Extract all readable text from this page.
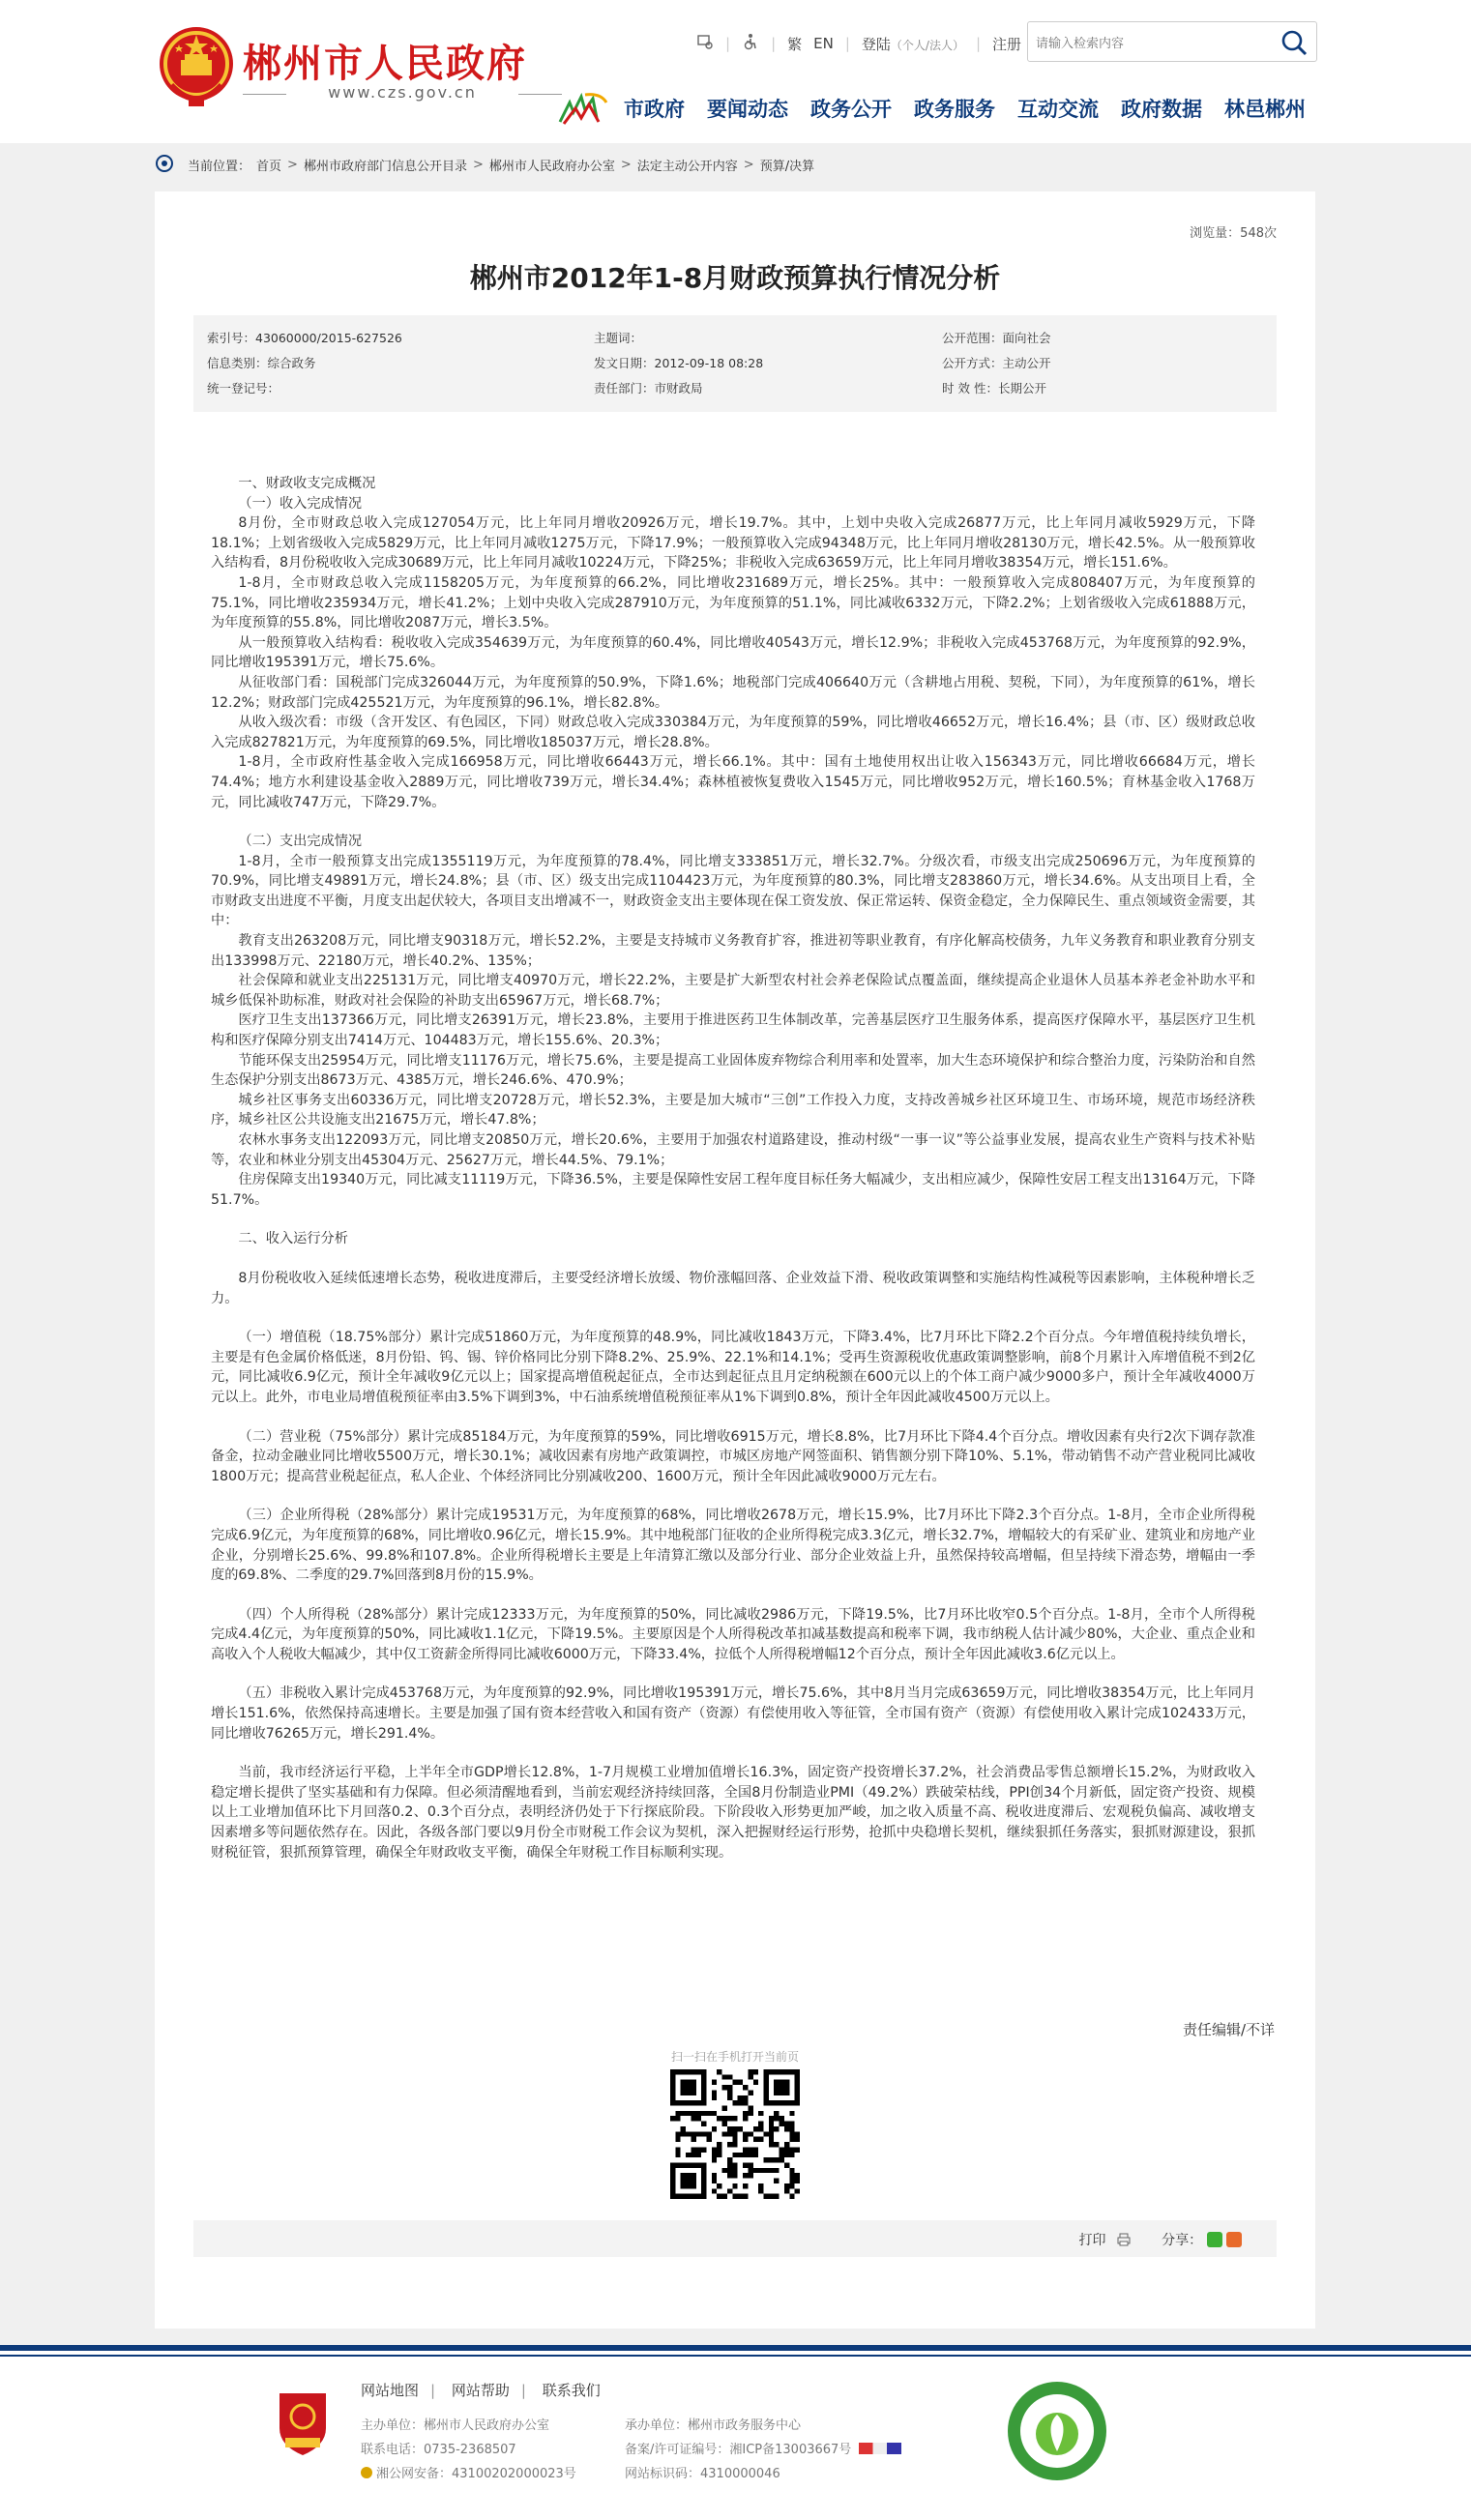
郴州市人民政府
www.czs.gov.cn
|	| 繁 EN | 登陆（个人/法人） | 注册
请输入检索内容
市政府 要闻动态 政务公开 政务服务 互动交流 政府数据 林邑郴州
当前位置： 首页 > 郴州市政府部门信息公开目录 > 郴州市人民政府办公室 > 法定主动公开内容 > 预算/决算
浏览量：548次
郴州市2012年1-8月财政预算执行情况分析
索引号：43060000/2015-627526	主题词：	公开范围：面向社会
信息类别：综合政务	发文日期：2012-09-18 08:28	公开方式：主动公开
统一登记号：	责任部门：市财政局	时 效 性：长期公开

一、财政收支完成概况

（一）收入完成情况

8月份，全市财政总收入完成127054万元，比上年同月增收20926万元，增长19.7%。其中，上划中央收入完成26877万元，比上年同月减收5929万元，下降18.1%；上划省级收入完成5829万元，比上年同月减收1275万元，下降17.9%；一般预算收入完成94348万元，比上年同月增收28130万元，增长42.5%。从一般预算收入结构看，8月份税收收入完成30689万元，比上年同月减收10224万元，下降25%；非税收入完成63659万元，比上年同月增收38354万元，增长151.6%。

1-8月，全市财政总收入完成1158205万元，为年度预算的66.2%，同比增收231689万元，增长25%。其中：一般预算收入完成808407万元，为年度预算的75.1%，同比增收235934万元，增长41.2%；上划中央收入完成287910万元，为年度预算的51.1%，同比减收6332万元，下降2.2%；上划省级收入完成61888万元，为年度预算的55.8%，同比增收2087万元，增长3.5%。

从一般预算收入结构看：税收收入完成354639万元，为年度预算的60.4%，同比增收40543万元，增长12.9%；非税收入完成453768万元，为年度预算的92.9%，同比增收195391万元，增长75.6%。

从征收部门看：国税部门完成326044万元，为年度预算的50.9%，下降1.6%；地税部门完成406640万元（含耕地占用税、契税，下同），为年度预算的61%，增长12.2%；财政部门完成425521万元，为年度预算的96.1%，增长82.8%。

从收入级次看：市级（含开发区、有色园区，下同）财政总收入完成330384万元，为年度预算的59%，同比增收46652万元，增长16.4%；县（市、区）级财政总收入完成827821万元，为年度预算的69.5%，同比增收185037万元，增长28.8%。

1-8月，全市政府性基金收入完成166958万元，同比增收66443万元，增长66.1%。其中：国有土地使用权出让收入156343万元，同比增收66684万元，增长74.4%；地方水利建设基金收入2889万元，同比增收739万元，增长34.4%；森林植被恢复费收入1545万元，同比增收952万元，增长160.5%；育林基金收入1768万元，同比减收747万元，下降29.7%。

（二）支出完成情况

1-8月，全市一般预算支出完成1355119万元，为年度预算的78.4%，同比增支333851万元，增长32.7%。分级次看，市级支出完成250696万元，为年度预算的70.9%，同比增支49891万元，增长24.8%；县（市、区）级支出完成1104423万元，为年度预算的80.3%，同比增支283860万元，增长34.6%。从支出项目上看，全市财政支出进度不平衡，月度支出起伏较大，各项目支出增减不一，财政资金支出主要体现在保工资发放、保正常运转、保资金稳定，全力保障民生、重点领域资金需要，其中：

教育支出263208万元，同比增支90318万元，增长52.2%，主要是支持城市义务教育扩容，推进初等职业教育，有序化解高校债务，九年义务教育和职业教育分别支出133998万元、22180万元，增长40.2%、135%；

社会保障和就业支出225131万元，同比增支40970万元，增长22.2%，主要是扩大新型农村社会养老保险试点覆盖面，继续提高企业退休人员基本养老金补助水平和城乡低保补助标准，财政对社会保险的补助支出65967万元，增长68.7%；

医疗卫生支出137366万元，同比增支26391万元，增长23.8%，主要用于推进医药卫生体制改革，完善基层医疗卫生服务体系，提高医疗保障水平，基层医疗卫生机构和医疗保障分别支出7414万元、104483万元，增长155.6%、20.3%；

节能环保支出25954万元，同比增支11176万元，增长75.6%，主要是提高工业固体废弃物综合利用率和处置率，加大生态环境保护和综合整治力度，污染防治和自然生态保护分别支出8673万元、4385万元，增长246.6%、470.9%；

城乡社区事务支出60336万元，同比增支20728万元，增长52.3%，主要是加大城市“三创”工作投入力度，支持改善城乡社区环境卫生、市场环境，规范市场经济秩序，城乡社区公共设施支出21675万元，增长47.8%；

农林水事务支出122093万元，同比增支20850万元，增长20.6%，主要用于加强农村道路建设，推动村级“一事一议”等公益事业发展，提高农业生产资料与技术补贴等，农业和林业分别支出45304万元、25627万元，增长44.5%、79.1%；

住房保障支出19340万元，同比减支11119万元，下降36.5%，主要是保障性安居工程年度目标任务大幅减少，支出相应减少，保障性安居工程支出13164万元，下降51.7%。

二、收入运行分析

8月份税收收入延续低速增长态势，税收进度滞后，主要受经济增长放缓、物价涨幅回落、企业效益下滑、税收政策调整和实施结构性减税等因素影响，主体税种增长乏力。

（一）增值税（18.75%部分）累计完成51860万元，为年度预算的48.9%，同比减收1843万元，下降3.4%，比7月环比下降2.2个百分点。今年增值税持续负增长，主要是有色金属价格低迷，8月份铅、钨、锡、锌价格同比分别下降8.2%、25.9%、22.1%和14.1%；受再生资源税收优惠政策调整影响，前8个月累计入库增值税不到2亿元，同比减收6.9亿元，预计全年减收9亿元以上；国家提高增值税起征点，全市达到起征点且月定纳税额在600元以上的个体工商户减少9000多户，预计全年减收4000万元以上。此外，市电业局增值税预征率由3.5%下调到3%，中石油系统增值税预征率从1%下调到0.8%，预计全年因此减收4500万元以上。

（二）营业税（75%部分）累计完成85184万元，为年度预算的59%，同比增收6915万元，增长8.8%，比7月环比下降4.4个百分点。增收因素有央行2次下调存款准备金，拉动金融业同比增收5500万元，增长30.1%；减收因素有房地产政策调控，市城区房地产网签面积、销售额分别下降10%、5.1%，带动销售不动产营业税同比减收1800万元；提高营业税起征点，私人企业、个体经济同比分别减收200、1600万元，预计全年因此减收9000万元左右。

（三）企业所得税（28%部分）累计完成19531万元，为年度预算的68%，同比增收2678万元，增长15.9%，比7月环比下降2.3个百分点。1-8月，全市企业所得税完成6.9亿元，为年度预算的68%，同比增收0.96亿元，增长15.9%。其中地税部门征收的企业所得税完成3.3亿元，增长32.7%，增幅较大的有采矿业、建筑业和房地产业企业，分别增长25.6%、99.8%和107.8%。企业所得税增长主要是上年清算汇缴以及部分行业、部分企业效益上升，虽然保持较高增幅，但呈持续下滑态势，增幅由一季度的69.8%、二季度的29.7%回落到8月份的15.9%。

（四）个人所得税（28%部分）累计完成12333万元，为年度预算的50%，同比减收2986万元，下降19.5%，比7月环比收窄0.5个百分点。1-8月，全市个人所得税完成4.4亿元，为年度预算的50%，同比减收1.1亿元，下降19.5%。主要原因是个人所得税改革扣减基数提高和税率下调，我市纳税人估计减少80%，大企业、重点企业和高收入个人税收大幅减少，其中仅工资薪金所得同比减收6000万元，下降33.4%，拉低个人所得税增幅12个百分点，预计全年因此减收3.6亿元以上。

（五）非税收入累计完成453768万元，为年度预算的92.9%，同比增收195391万元，增长75.6%，其中8月当月完成63659万元，同比增收38354万元，比上年同月增长151.6%，依然保持高速增长。主要是加强了国有资本经营收入和国有资产（资源）有偿使用收入等征管，全市国有资产（资源）有偿使用收入累计完成102433万元，同比增收76265万元，增长291.4%。

当前，我市经济运行平稳，上半年全市GDP增长12.8%，1-7月规模工业增加值增长16.3%，固定资产投资增长37.2%，社会消费品零售总额增长15.2%，为财政收入稳定增长提供了坚实基础和有力保障。但必须清醒地看到，当前宏观经济持续回落，全国8月份制造业PMI（49.2%）跌破荣枯线，PPI创34个月新低，固定资产投资、规模以上工业增加值环比下月回落0.2、0.3个百分点，表明经济仍处于下行探底阶段。下阶段收入形势更加严峻，加之收入质量不高、税收进度滞后、宏观税负偏高、减收增支因素增多等问题依然存在。因此，各级各部门要以9月份全市财税工作会议为契机，深入把握财经运行形势，抢抓中央稳增长契机，继续狠抓任务落实，狠抓财源建设，狠抓财税征管，狠抓预算管理，确保全年财政收支平衡，确保全年财税工作目标顺利实现。

责任编辑/不详
扫一扫在手机打开当前页
打印	分享：
网站地图 | 网站帮助 | 联系我们
主办单位：郴州市人民政府办公室	承办单位：郴州市政务服务中心
联系电话：0735-2368507	备案/许可证编号：湘ICP备13003667号
湘公网安备：43100202000023号	网站标识码：4310000046
